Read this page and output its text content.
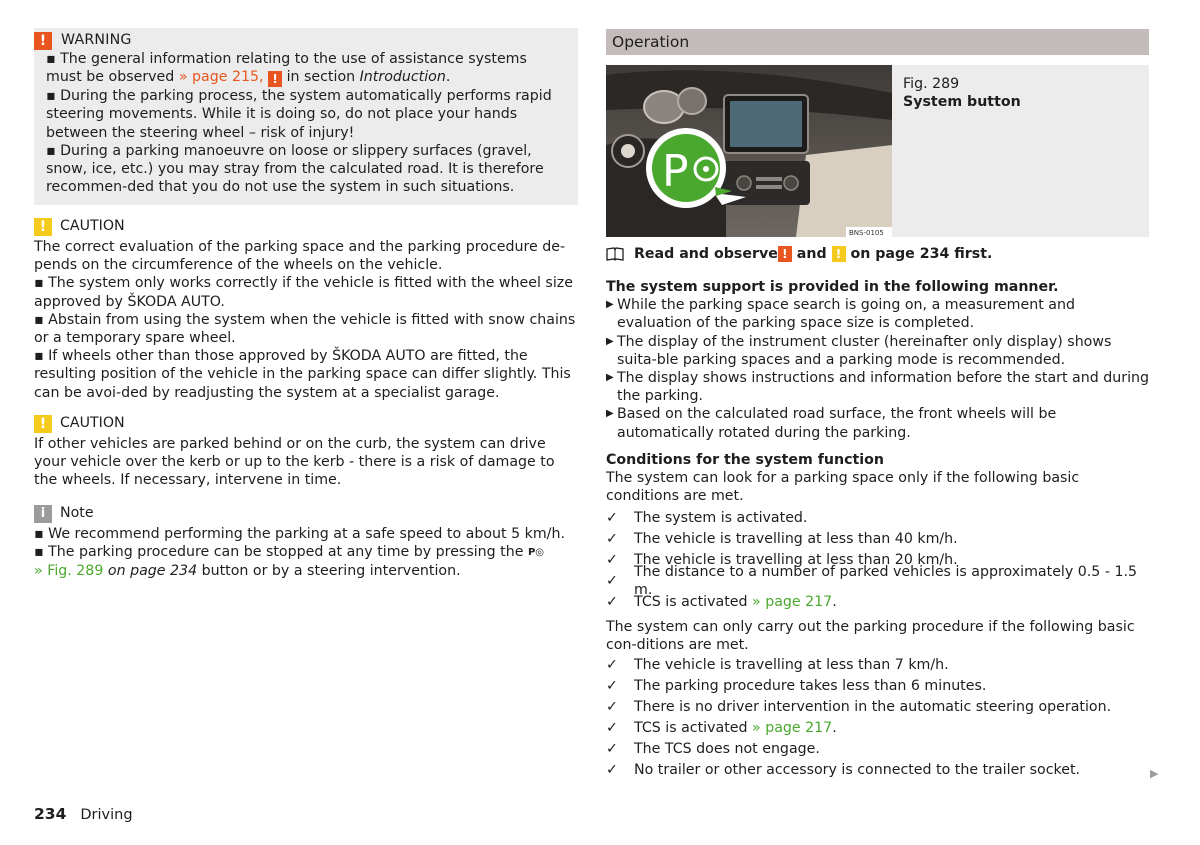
!	WARNING

▪ The general information relating to the use of assistance systems must be observed » page 215, ! in section Introduction.

▪ During the parking process, the system automatically performs rapid steering movements. While it is doing so, do not place your hands between the steering wheel – risk of injury!

▪ During a parking manoeuvre on loose or slippery surfaces (gravel, snow, ice, etc.) you may stray from the calculated road. It is therefore recommen-ded that you do not use the system in such situations.

! CAUTION

The correct evaluation of the parking space and the parking procedure de-pends on the circumference of the wheels on the vehicle.

▪ The system only works correctly if the vehicle is fitted with the wheel size approved by ŠKODA AUTO.

▪ Abstain from using the system when the vehicle is fitted with snow chains or a temporary spare wheel.

▪ If wheels other than those approved by ŠKODA AUTO are fitted, the resulting position of the vehicle in the parking space can differ slightly. This can be avoi-ded by readjusting the system at a specialist garage.

! CAUTION

If other vehicles are parked behind or on the curb, the system can drive your vehicle over the kerb or up to the kerb - there is a risk of damage to the wheels. If necessary, intervene in time.

i	Note

▪ We recommend performing the parking at a safe speed to about 5 km/h.

▪ The parking procedure can be stopped at any time by pressing the P◎
» Fig. 289 on page 234 button or by a steering intervention.

Operation
P
BNS-0105

Fig. 289

System button

Read and observe ! and ! on page 234 first.

The system support is provided in the following manner.

▶ While the parking space search is going on, a measurement and evaluation of the parking space size is completed.
▶ The display of the instrument cluster (hereinafter only display) shows suita-ble parking spaces and a parking mode is recommended.
▶ The display shows instructions and information before the start and during the parking.
▶ Based on the calculated road surface, the front wheels will be automatically rotated during the parking.

Conditions for the system function

The system can look for a parking space only if the following basic conditions are met.

✓	The system is activated.
✓	The vehicle is travelling at less than 40 km/h.
✓	The vehicle is travelling at less than 20 km/h.
✓
The distance to a number of parked vehicles is approximately 0.5 - 1.5 m.
✓	TCS is activated » page 217.

The system can only carry out the parking procedure if the following basic con-ditions are met.

✓	The vehicle is travelling at less than 7 km/h.
✓	The parking procedure takes less than 6 minutes.
✓	There is no driver intervention in the automatic steering operation.
✓	TCS is activated » page 217.
✓	The TCS does not engage.
✓	No trailer or other accessory is connected to the trailer socket.	▶
234 Driving
